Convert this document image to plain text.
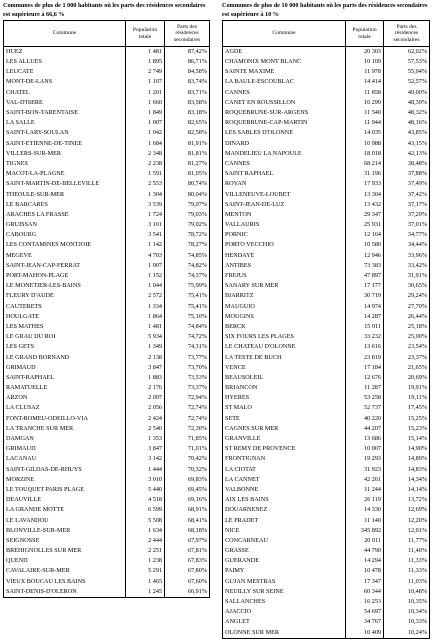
Communes de plus de 1 000 habitants où les parts des résidences secondaires est supérieure à 66,6 %
Commune	Population totale	Parts des résidences secondaires
HUEZ	1 481	87,42%
LES ALLUES	1 895	86,71%
LEUCATE	2 749	84,58%
MONT-DE-LANS	1 107	83,74%
CHATEL	1 201	83,71%
VAL-D'ISERE	1 660	83,58%
SAINT-BON-TARENTAISE	1 849	83,18%
LA SALLE	1 007	82,65%
SAINT-LARY-SOULAN	1 042	82,58%
SAINT-ETIENNE-DE-TINEE	1 684	81,91%
VILLERS-SUR-MER	2 348	81,81%
TIGNES	2 238	81,27%
MACOT-LA-PLAGNE	1 591	81,05%
SAINT-MARTIN-DE-BELLEVILLE	2 553	80,74%
THEOULE-SUR-MER	1 304	80,04%
LE BARCARES	3 539	79,07%
ARACHES LA FRASSE	1 724	79,03%
GRUISSAN	3 101	79,02%
CABOURG	3 541	78,72%
LES CONTAMINES MONTJOIE	1 142	78,27%
MEGEVE	4 703	74,85%
SAINT-JEAN-CAP-FERRAT	1 907	74,82%
PORT-MAHON-PLAGE	1 152	74,37%
LE MONETIER-LES-BAINS	1 044	75,99%
FLEURY D'AUDE	2 572	75,41%
CAUTERETS	1 334	75,41%
HOULGATE	1 864	75,10%
LES MATHES	1 481	74,84%
LE GRAU DU ROI	5 934	74,72%
LES GETS	1 349	74,31%
LE GRAND BORNAND	2 138	73,77%
GRIMAUD	3 847	73,70%
SAINT-RAPHAEL	1 883	73,53%
RAMATUELLE	2 176	73,37%
ARZON	2 097	72,94%
LA CLUSAZ	2 056	72,74%
FONT-ROMEU-ODEILLO-VIA	2 424	72,74%
LA TRANCHE SUR MER	2 540	72,30%
DAMGAN	1 353	71,85%
GRIMAUD	3 847	71,01%
LACANAU	3 142	70,42%
SAINT-GILDAS-DE-RHUYS	1 444	70,32%
MORZINE	3 010	69,83%
LE TOUQUET PARIS PLAGE	5 440	69,45%
DEAUVILLE	4 518	69,16%
LA GRANDE MOTTE	6 599	68,91%
LE LAVANDOU	5 508	68,41%
BLONVILLE-SUR-MER	1 634	68,18%
SEIGNOSSE	2 444	67,97%
BREHIGNOLLES SUR MER	2 251	67,81%
QUEND	1 238	67,83%
CAVALAIRE-SUR-MER	5 291	67,80%
VIEUX BOUCAU LES BAINS	1 465	67,60%
SAINT-DENIS-D'OLERON	1 245	66,91%
Communes de plus de 10 000 habitants où les parts des résidences secondaires est supérieure à 10 %
Commune	Population totale	Parts des résidences secondaires
AGDE	20 303	62,02%
CHAMONIX MONT BLANC	10 109	57,53%
SAINTE MAXIME	11 978	55,04%
LA BAULE-ESCOUBLAC	14 414	52,57%
CANNES	11 858	49,00%
CANET EN ROUSSILLON	10 299	48,39%
ROQUEBRUNE-SUR-ARGENS	11 540	48,32%
ROQUEBRUNE-CAP-MARTIN	11 944	48,16%
LES SABLES D'OLONNE	14 035	43,85%
DINARD	10 988	43,15%
MANDELIEU LA NAPOULE	18 018	42,13%
CANNES	68 214	38,48%
SAINT RAPHAEL	31 196	37,88%
ROYAN	17 933	37,49%
VILLENEUVE-LOUBET	13 304	37,42%
SAINT-JEAN-DE-LUZ	13 432	37,17%
MENTON	29 347	37,29%
VALLAURIS	25 931	37,01%
PORNIC	12 164	34,77%
PORTO VECCHIO	10 580	34,44%
HENDAYE	12 946	33,96%
ANTIBES	73 383	33,42%
FREJUS	47 897	31,91%
SANARY SUR MER	17 177	30,65%
BIARRITZ	30 719	29,24%
MAUGUIO	14 974	27,70%
MOUGINS	14 287	26,44%
BERCK	15 011	25,18%
SIX FOURS LES PLAGES	33 232	25,00%
LE CHATEAU D'OLONNE	13 616	23,54%
LA TESTE DE BUCH	23 819	23,37%
VENCE	17 184	21,65%
BEAUSOLEIL	12 676	20,69%
BRIANCON	11 287	19,91%
HYERES	53 258	19,11%
ST MALO	52 737	17,45%
SETE	40 220	15,25%
CAGNES SUR MER	44 207	15,23%
GRANVILLE	13 686	15,14%
ST REMY DE PROVENCE	10 007	14,90%
FRONTIGNAN	19 293	14,89%
LA CIOTAT	31 923	14,83%
LA CANNET	42 261	14,34%
VALBONNE	11 244	14,14%
AIX LES BAINS	26 119	13,72%
DOUARNENEZ	14 330	12,69%
LE PRADET	11 140	12,20%
NICE	345 892	12,01%
CONCARNEAU	20 011	11,77%
GRASSE	44 790	11,40%
GUERANDE	14 294	11,33%
PAIMY	10 478	11,33%
GUJAN MESTRAS	17 347	11,03%
NEUILLY SUR SEINE	60 344	10,48%
SALLANCHES	16 253	10,35%
AJACCIO	54 697	10,34%
ANGLET	34 767	10,33%
OLONNE SUR MER	10 409	10,24%
